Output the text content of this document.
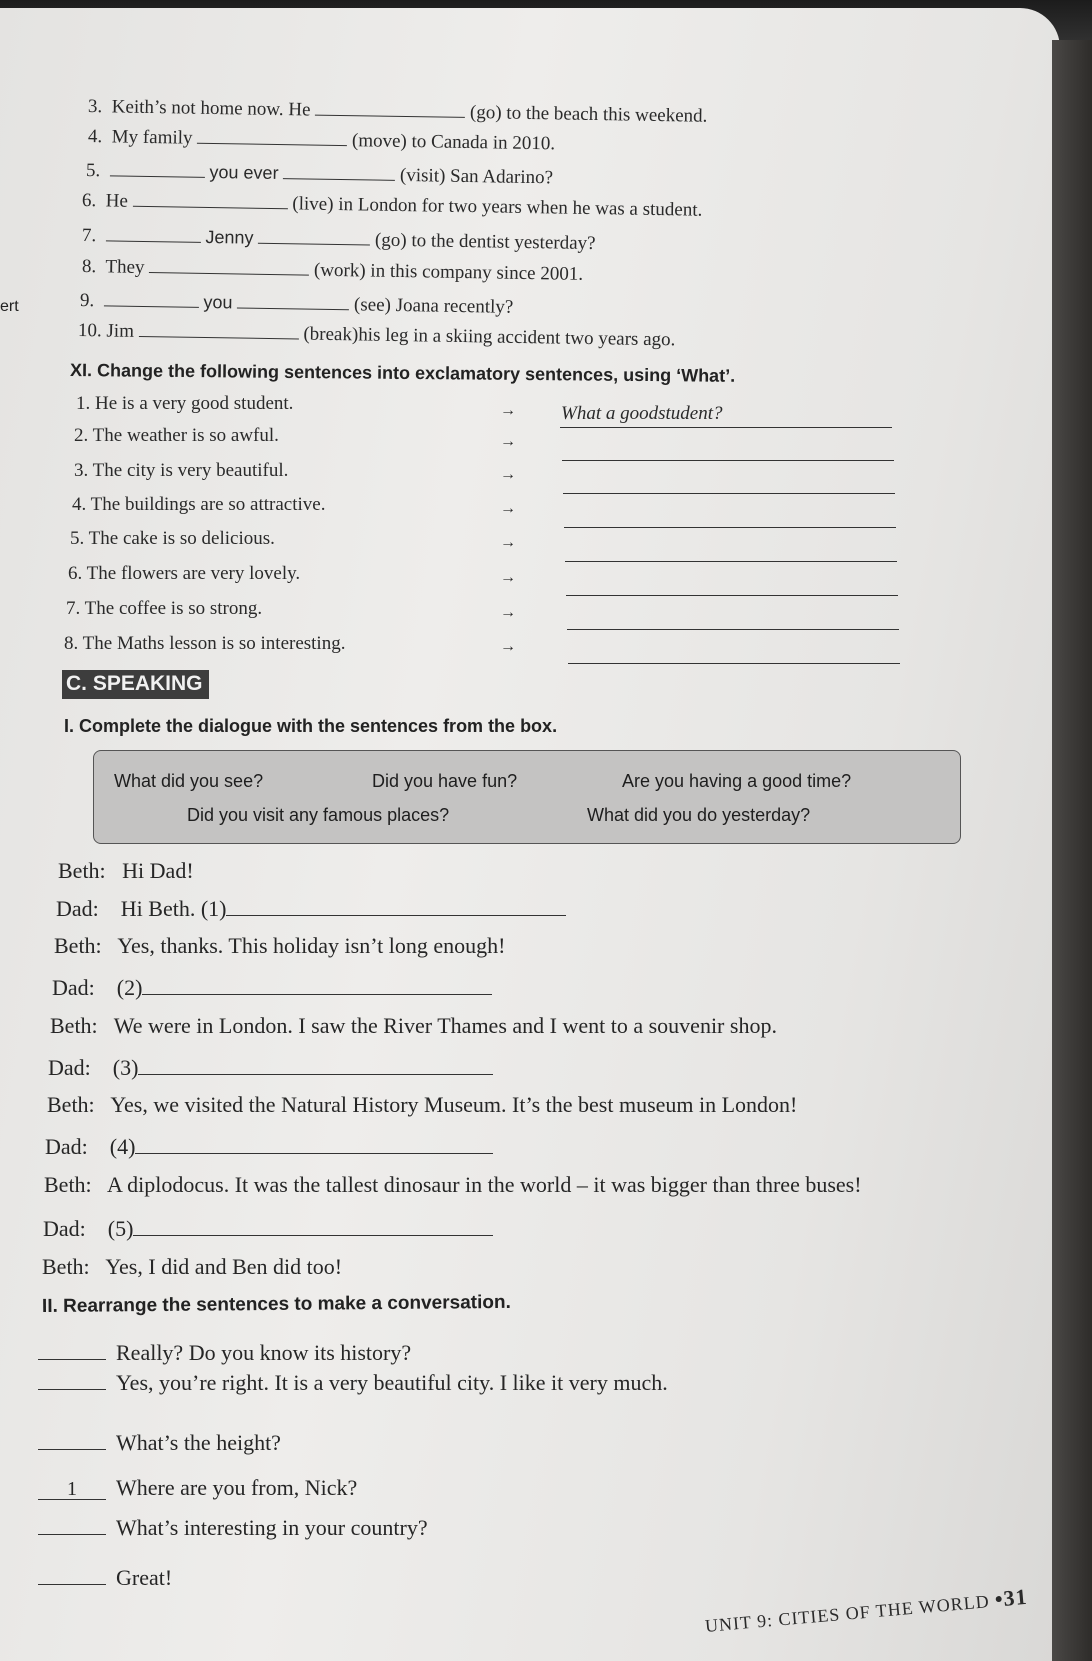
ert
3. Keith’s not home now. He	(go) to the beach this weekend.
4. My family	(move) to Canada in 2010.
5.	you ever	(visit) San Adarino?
6. He	(live) in London for two years when he was a student.
7.	Jenny	(go) to the dentist yesterday?
8. They	(work) in this company since 2001.
9.	you	(see) Joana recently?
10. Jim	(break)his leg in a skiing accident two years ago.
XI. Change the following sentences into exclamatory sentences, using ‘What’.
1. He is a very good student.	→ What a goodstudent?
2. The weather is so awful.	→
3. The city is very beautiful.	→
4. The buildings are so attractive.	→
5. The cake is so delicious.	→
6. The flowers are very lovely.	→
7. The coffee is so strong.	→
8. The Maths lesson is so interesting.	→
C. SPEAKING
I. Complete the dialogue with the sentences from the box.
What did you see?	Did you have fun?	Are you having a good time?
Did you visit any famous places?	What did you do yesterday?
Beth: Hi Dad!
Dad: Hi Beth. (1)
Beth: Yes, thanks. This holiday isn’t long enough!
Dad: (2)
Beth: We were in London. I saw the River Thames and I went to a souvenir shop.
Dad: (3)
Beth: Yes, we visited the Natural History Museum. It’s the best museum in London!
Dad: (4)
Beth: A diplodocus. It was the tallest dinosaur in the world – it was bigger than three buses!
Dad: (5)
Beth: Yes, I did and Ben did too!
II. Rearrange the sentences to make a conversation.
Really? Do you know its history?
Yes, you’re right. It is a very beautiful city. I like it very much.
What’s the height?
1 Where are you from, Nick?
What’s interesting in your country?
Great!
UNIT 9: CITIES OF THE WORLD •31
